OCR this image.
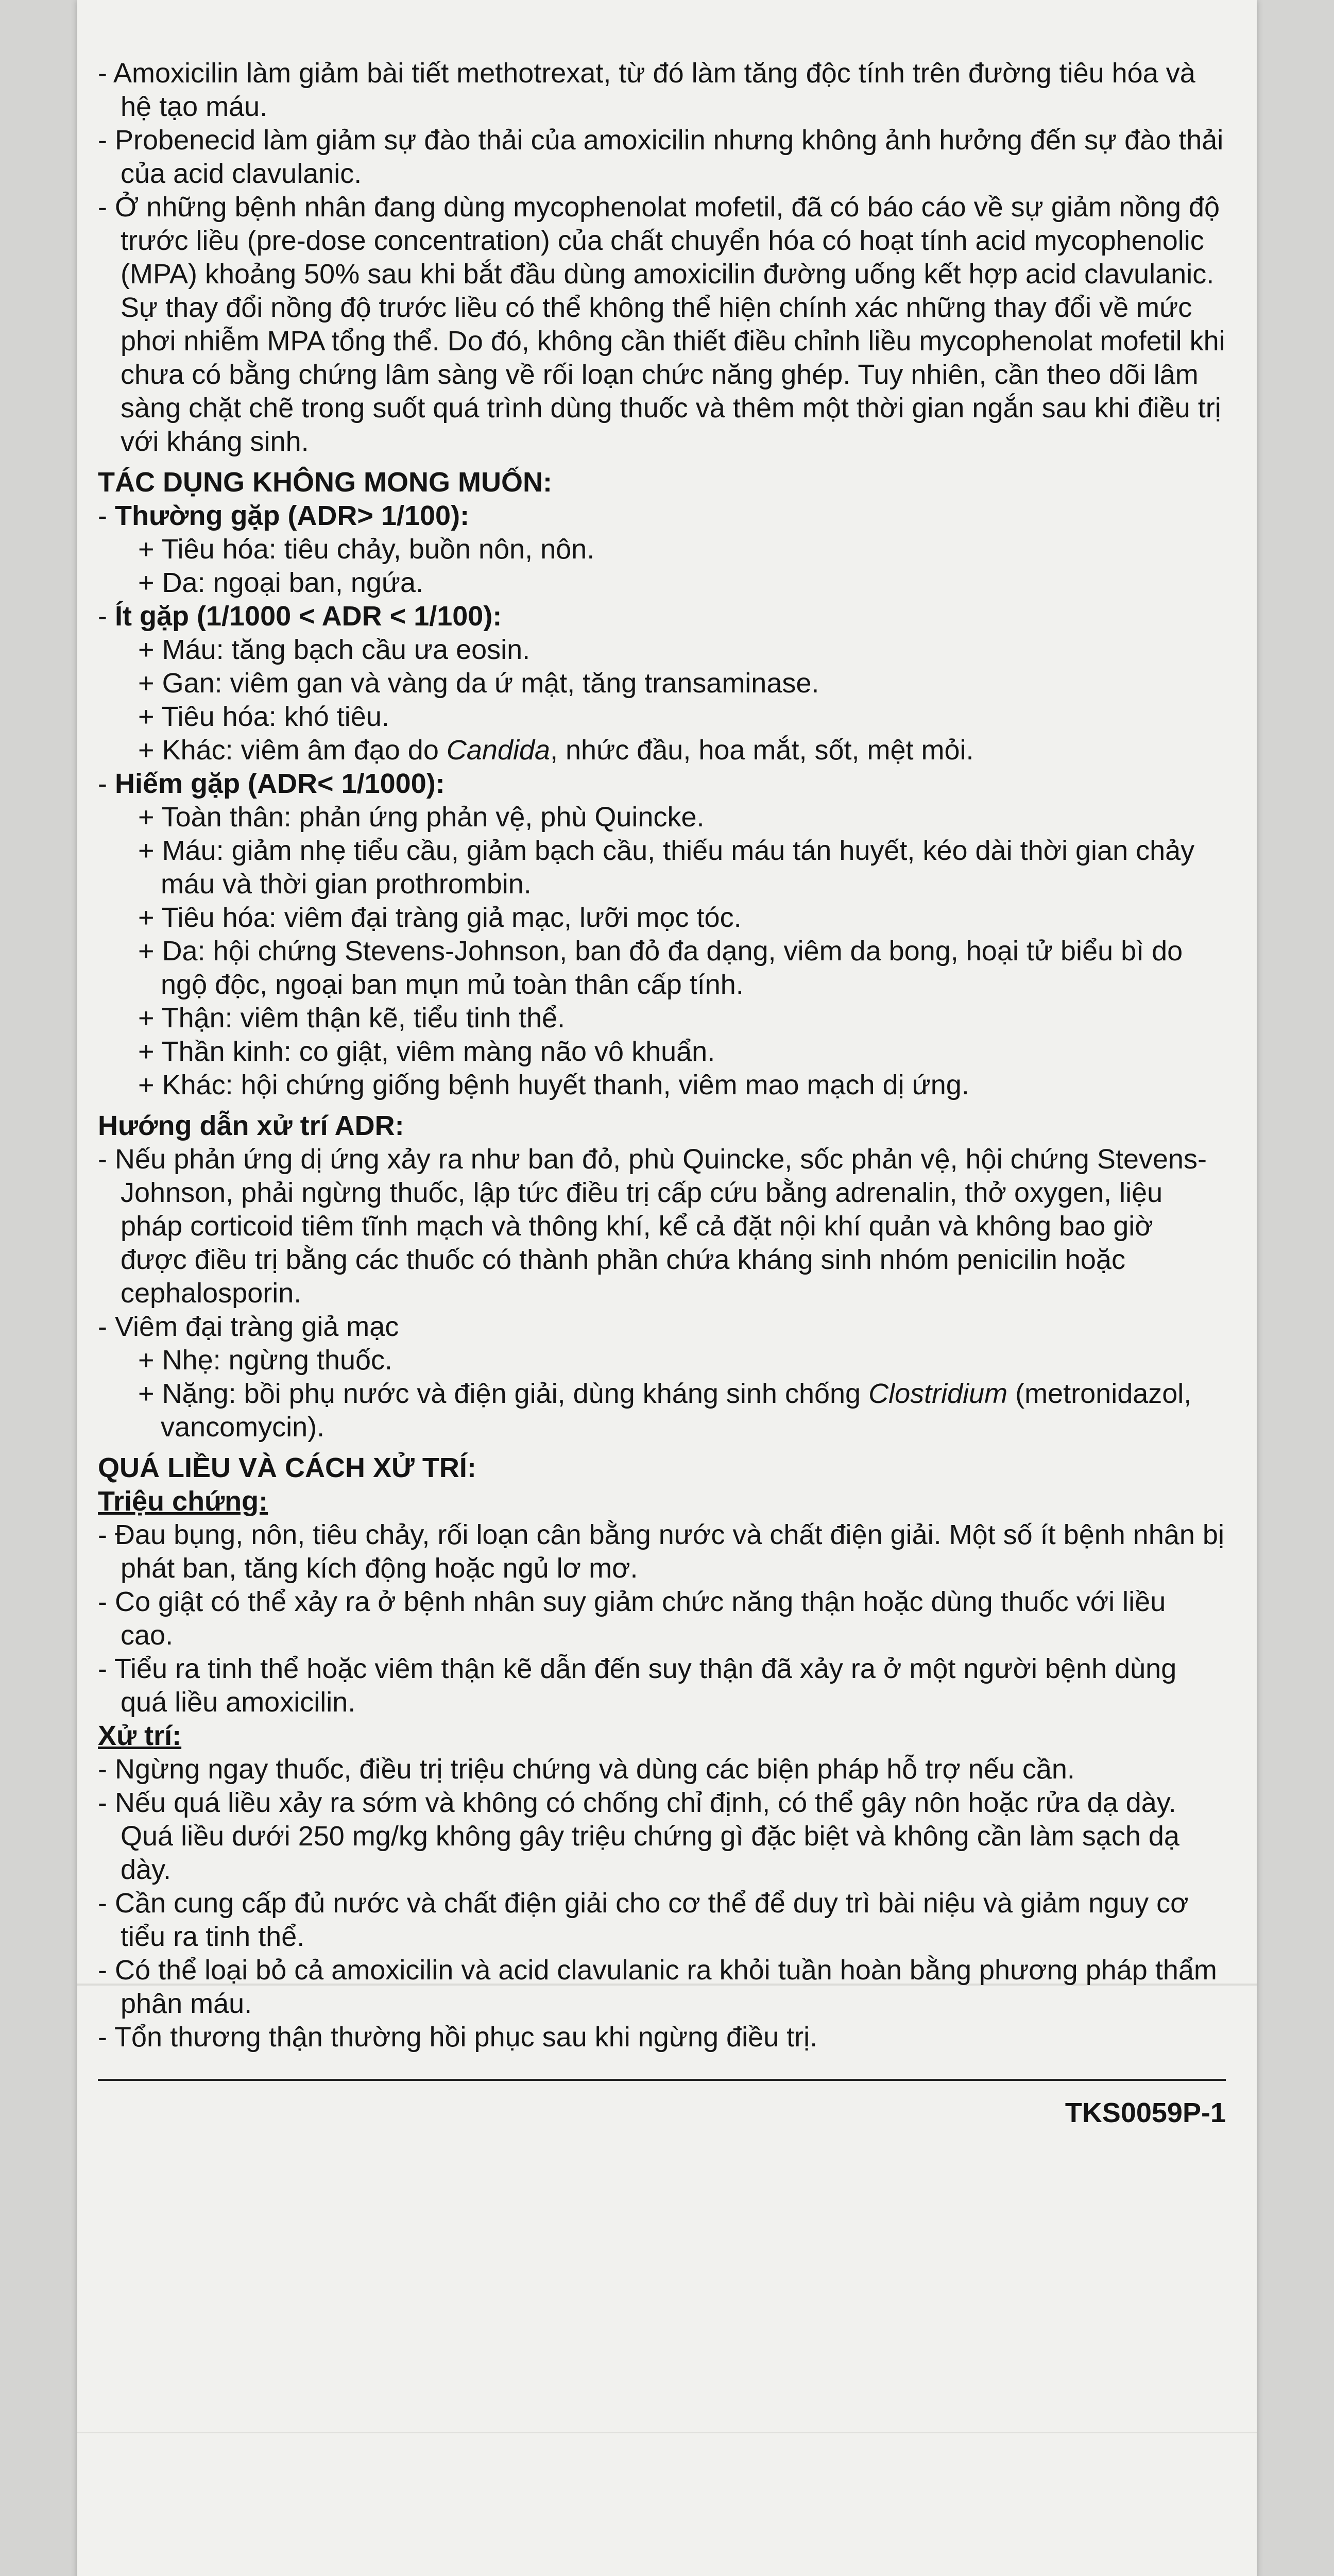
- Amoxicilin làm giảm bài tiết methotrexat, từ đó làm tăng độc tính trên đường tiêu hóa và hệ tạo máu.

- Probenecid làm giảm sự đào thải của amoxicilin nhưng không ảnh hưởng đến sự đào thải của acid clavulanic.

- Ở những bệnh nhân đang dùng mycophenolat mofetil, đã có báo cáo về sự giảm nồng độ trước liều (pre-dose concentration) của chất chuyển hóa có hoạt tính acid mycophenolic (MPA) khoảng 50% sau khi bắt đầu dùng amoxicilin đường uống kết hợp acid clavulanic. Sự thay đổi nồng độ trước liều có thể không thể hiện chính xác những thay đổi về mức phơi nhiễm MPA tổng thể. Do đó, không cần thiết điều chỉnh liều mycophenolat mofetil khi chưa có bằng chứng lâm sàng về rối loạn chức năng ghép. Tuy nhiên, cần theo dõi lâm sàng chặt chẽ trong suốt quá trình dùng thuốc và thêm một thời gian ngắn sau khi điều trị với kháng sinh.

TÁC DỤNG KHÔNG MONG MUỐN:

- Thường gặp (ADR> 1/100):

+ Tiêu hóa: tiêu chảy, buồn nôn, nôn.

+ Da: ngoại ban, ngứa.

- Ít gặp (1/1000 < ADR < 1/100):

+ Máu: tăng bạch cầu ưa eosin.

+ Gan: viêm gan và vàng da ứ mật, tăng transaminase.

+ Tiêu hóa: khó tiêu.

+ Khác: viêm âm đạo do Candida, nhức đầu, hoa mắt, sốt, mệt mỏi.

- Hiếm gặp (ADR< 1/1000):

+ Toàn thân: phản ứng phản vệ, phù Quincke.

+ Máu: giảm nhẹ tiểu cầu, giảm bạch cầu, thiếu máu tán huyết, kéo dài thời gian chảy máu và thời gian prothrombin.

+ Tiêu hóa: viêm đại tràng giả mạc, lưỡi mọc tóc.

+ Da: hội chứng Stevens-Johnson, ban đỏ đa dạng, viêm da bong, hoại tử biểu bì do ngộ độc, ngoại ban mụn mủ toàn thân cấp tính.

+ Thận: viêm thận kẽ, tiểu tinh thể.

+ Thần kinh: co giật, viêm màng não vô khuẩn.

+ Khác: hội chứng giống bệnh huyết thanh, viêm mao mạch dị ứng.

Hướng dẫn xử trí ADR:

- Nếu phản ứng dị ứng xảy ra như ban đỏ, phù Quincke, sốc phản vệ, hội chứng Stevens-Johnson, phải ngừng thuốc, lập tức điều trị cấp cứu bằng adrenalin, thở oxygen, liệu pháp corticoid tiêm tĩnh mạch và thông khí, kể cả đặt nội khí quản và không bao giờ được điều trị bằng các thuốc có thành phần chứa kháng sinh nhóm penicilin hoặc cephalosporin.

- Viêm đại tràng giả mạc

+ Nhẹ: ngừng thuốc.

+ Nặng: bồi phụ nước và điện giải, dùng kháng sinh chống Clostridium (metronidazol, vancomycin).

QUÁ LIỀU VÀ CÁCH XỬ TRÍ:

Triệu chứng:

- Đau bụng, nôn, tiêu chảy, rối loạn cân bằng nước và chất điện giải. Một số ít bệnh nhân bị phát ban, tăng kích động hoặc ngủ lơ mơ.

- Co giật có thể xảy ra ở bệnh nhân suy giảm chức năng thận hoặc dùng thuốc với liều cao.

- Tiểu ra tinh thể hoặc viêm thận kẽ dẫn đến suy thận đã xảy ra ở một người bệnh dùng quá liều amoxicilin.

Xử trí:

- Ngừng ngay thuốc, điều trị triệu chứng và dùng các biện pháp hỗ trợ nếu cần.

- Nếu quá liều xảy ra sớm và không có chống chỉ định, có thể gây nôn hoặc rửa dạ dày. Quá liều dưới 250 mg/kg không gây triệu chứng gì đặc biệt và không cần làm sạch dạ dày.

- Cần cung cấp đủ nước và chất điện giải cho cơ thể để duy trì bài niệu và giảm nguy cơ tiểu ra tinh thể.

- Có thể loại bỏ cả amoxicilin và acid clavulanic ra khỏi tuần hoàn bằng phương pháp thẩm phân máu.

- Tổn thương thận thường hồi phục sau khi ngừng điều trị.

TKS0059P-1
